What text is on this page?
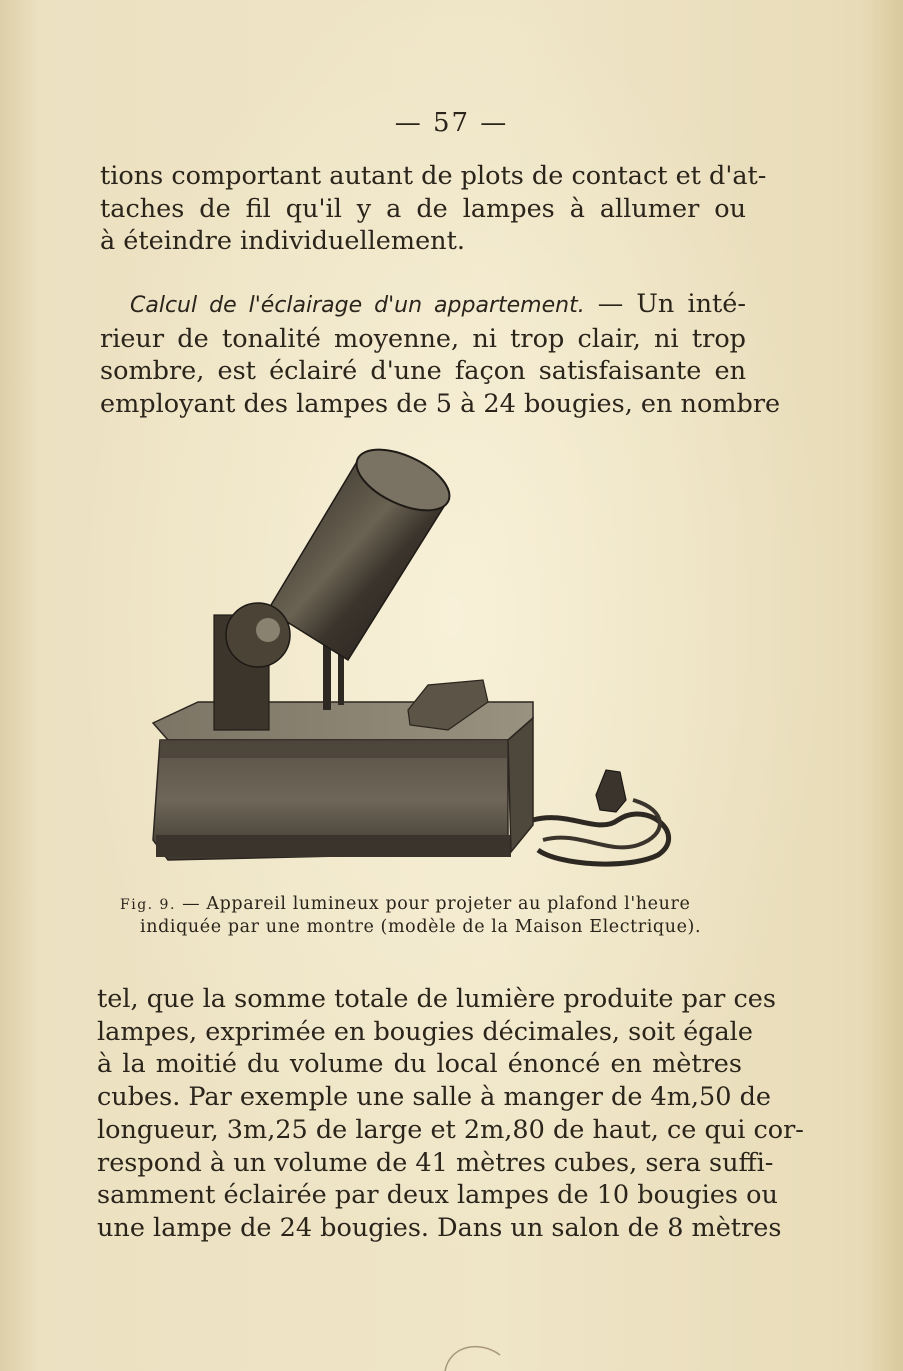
— 57 —
tions comportant autant de plots de contact et d'at-
taches de fil qu'il y a de lampes à allumer ou
à éteindre individuellement.
Calcul de l'éclairage d'un appartement. — Un inté-
rieur de tonalité moyenne, ni trop clair, ni trop
sombre, est éclairé d'une façon satisfaisante en
employant des lampes de 5 à 24 bougies, en nombre
Fig. 9. — Appareil lumineux pour projeter au plafond l'heure
indiquée par une montre (modèle de la Maison Electrique).
tel, que la somme totale de lumière produite par ces
lampes, exprimée en bougies décimales, soit égale
à la moitié du volume du local énoncé en mètres
cubes. Par exemple une salle à manger de 4m,50 de
longueur, 3m,25 de large et 2m,80 de haut, ce qui cor-
respond à un volume de 41 mètres cubes, sera suffi-
samment éclairée par deux lampes de 10 bougies ou
une lampe de 24 bougies. Dans un salon de 8 mètres
